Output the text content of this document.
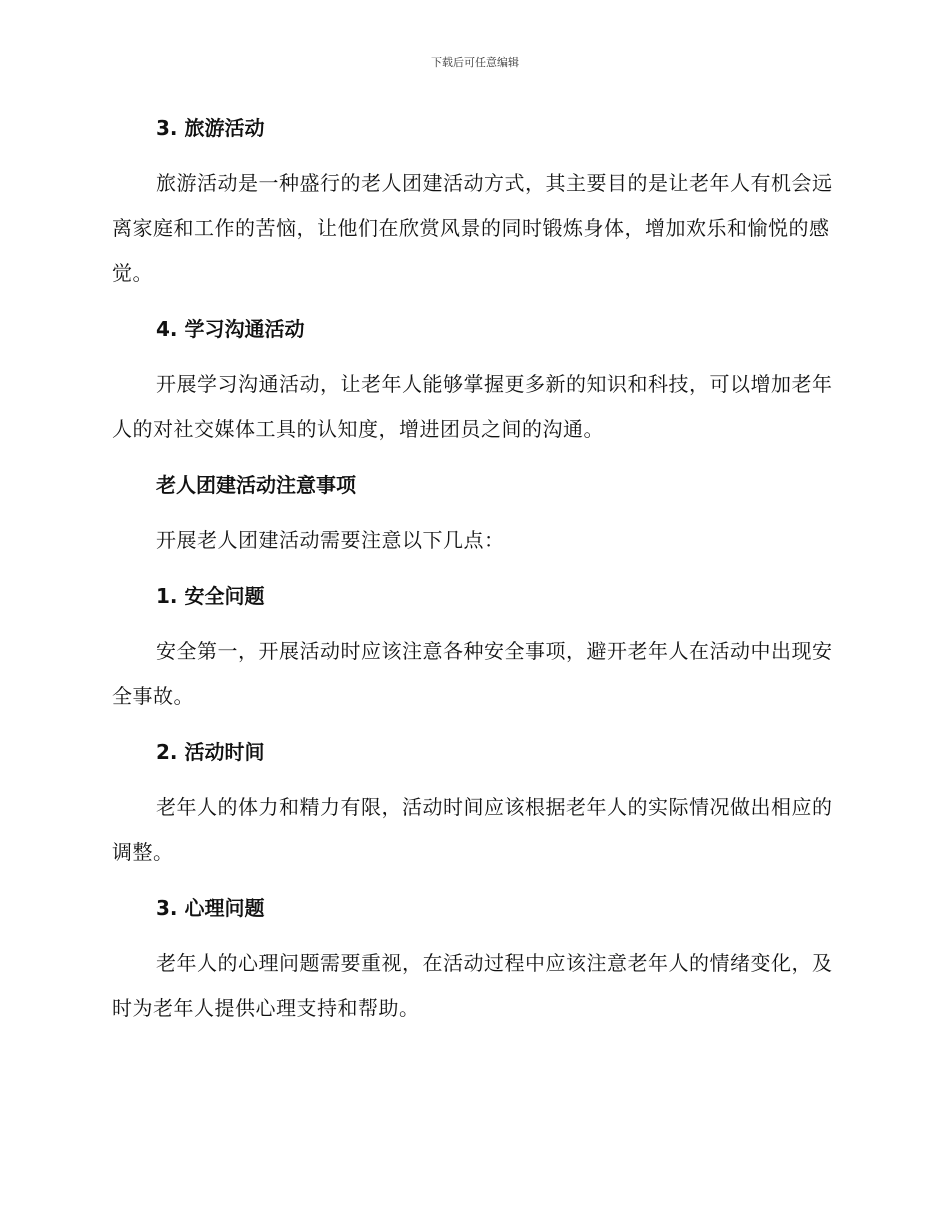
下载后可任意编辑
3. 旅游活动
旅游活动是一种盛行的老人团建活动方式，其主要目的是让老年人有机会远离家庭和工作的苦恼，让他们在欣赏风景的同时锻炼身体，增加欢乐和愉悦的感觉。
4. 学习沟通活动
开展学习沟通活动，让老年人能够掌握更多新的知识和科技，可以增加老年人的对社交媒体工具的认知度，增进团员之间的沟通。
老人团建活动注意事项
开展老人团建活动需要注意以下几点：
1. 安全问题
安全第一，开展活动时应该注意各种安全事项，避开老年人在活动中出现安全事故。
2. 活动时间
老年人的体力和精力有限，活动时间应该根据老年人的实际情况做出相应的调整。
3. 心理问题
老年人的心理问题需要重视，在活动过程中应该注意老年人的情绪变化，及时为老年人提供心理支持和帮助。
